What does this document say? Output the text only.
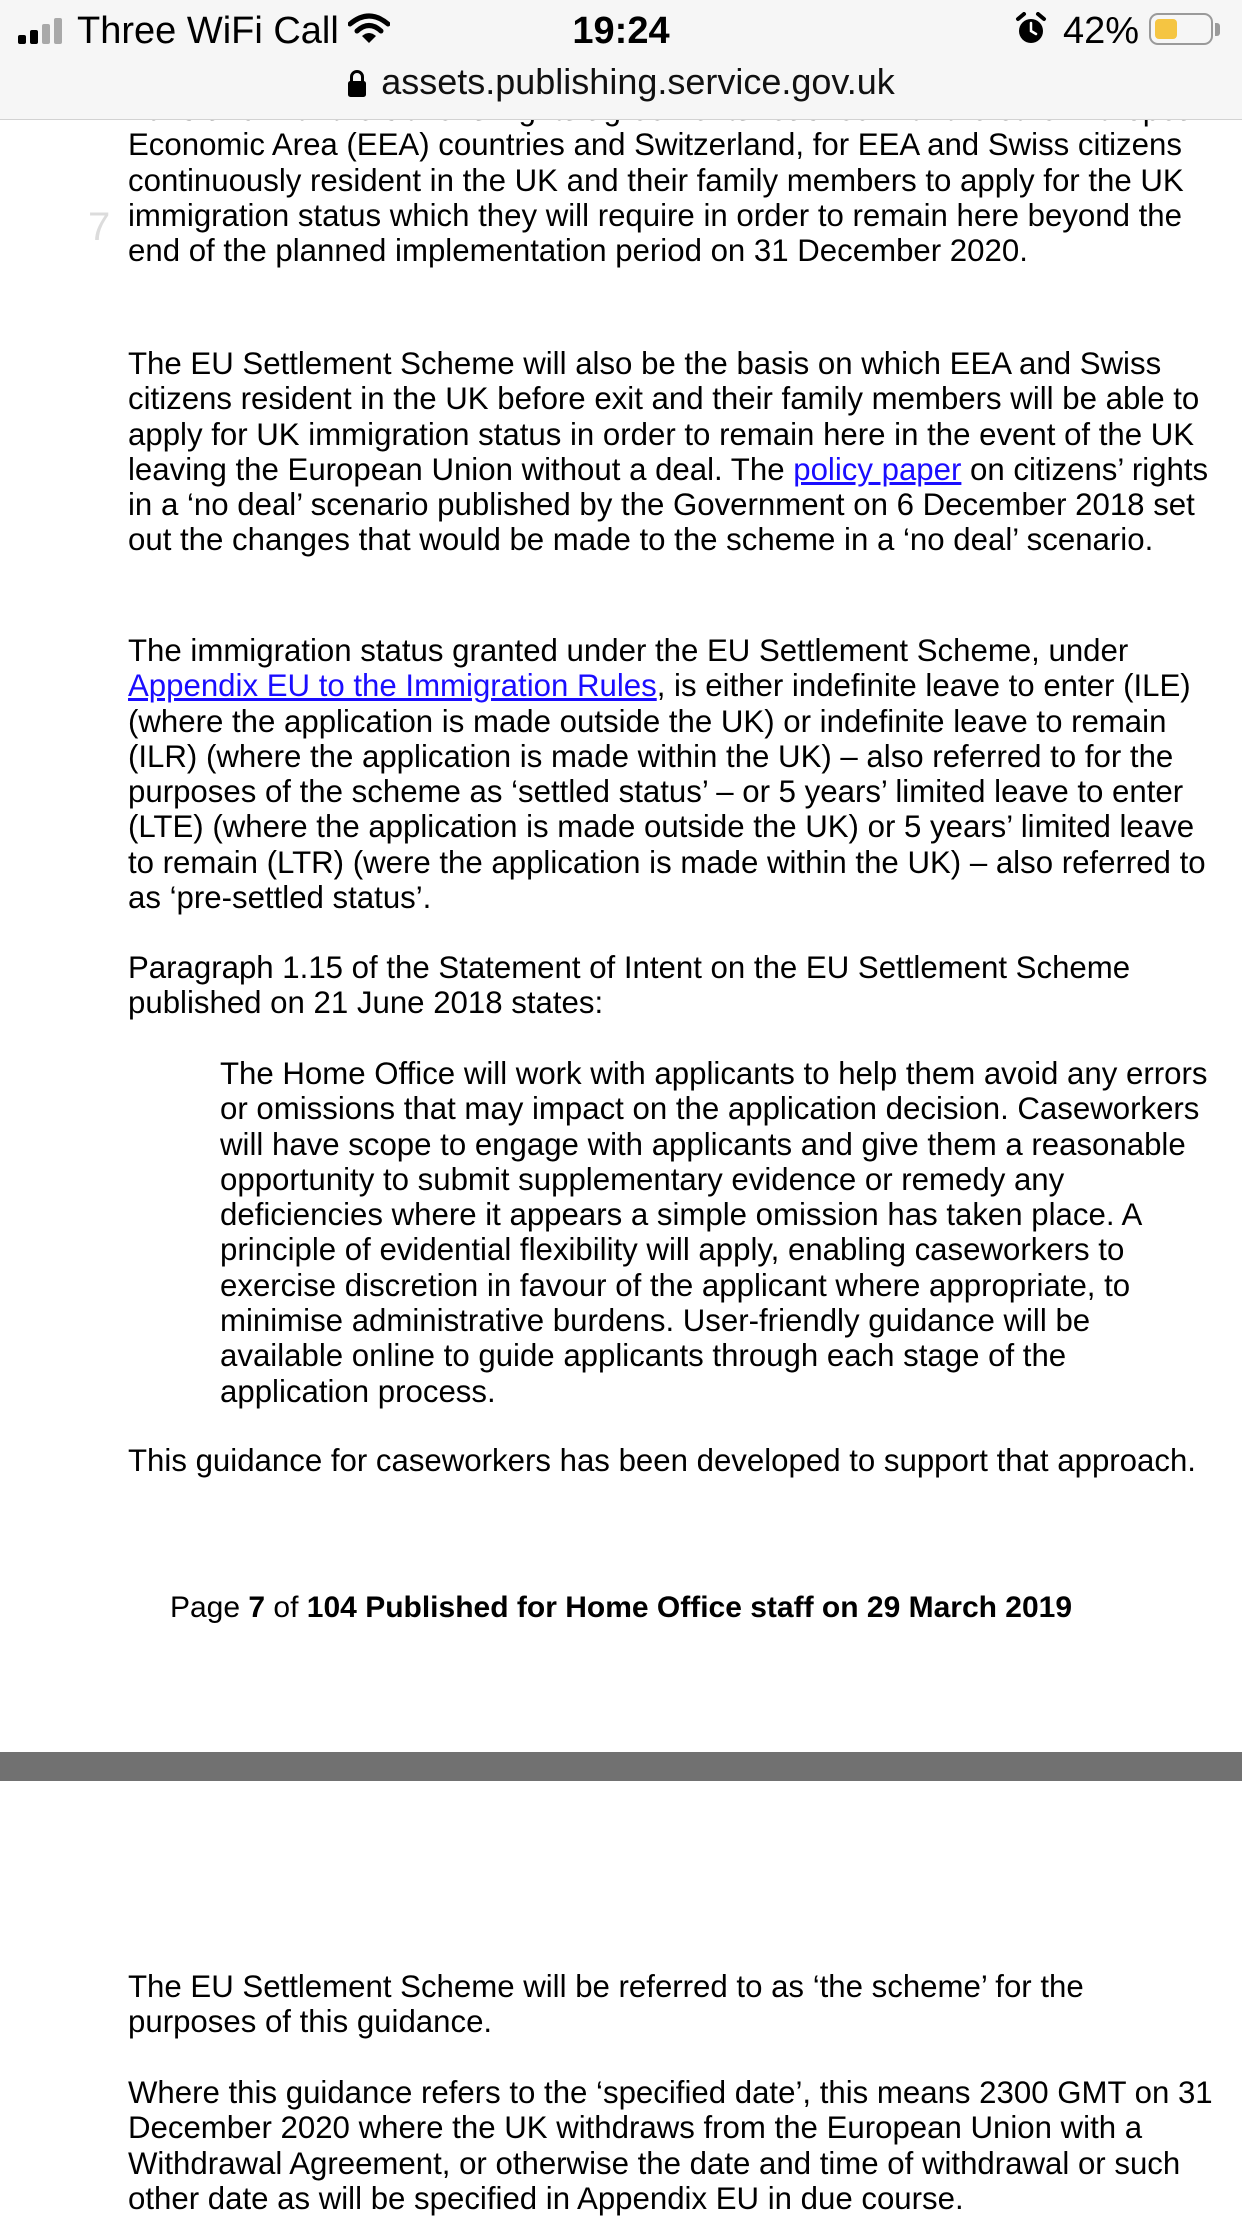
7

Economic Area (EEA) countries and Switzerland, for EEA and Swiss citizens continuously resident in the UK and their family members to apply for the UK immigration status which they will require in order to remain here beyond the end of the planned implementation period on 31 December 2020.

The EU Settlement Scheme will also be the basis on which EEA and Swiss citizens resident in the UK before exit and their family members will be able to apply for UK immigration status in order to remain here in the event of the UK leaving the European Union without a deal. The policy paper on citizens’ rights in a ‘no deal’ scenario published by the Government on 6 December 2018 set out the changes that would be made to the scheme in a ‘no deal’ scenario.

The immigration status granted under the EU Settlement Scheme, under Appendix EU to the Immigration Rules, is either indefinite leave to enter (ILE) (where the application is made outside the UK) or indefinite leave to remain (ILR) (where the application is made within the UK) – also referred to for the purposes of the scheme as ‘settled status’ – or 5 years’ limited leave to enter (LTE) (where the application is made outside the UK) or 5 years’ limited leave to remain (LTR) (were the application is made within the UK) – also referred to as ‘pre-settled status’.

Paragraph 1.15 of the Statement of Intent on the EU Settlement Scheme published on 21 June 2018 states:

The Home Office will work with applicants to help them avoid any errors or omissions that may impact on the application decision. Caseworkers will have scope to engage with applicants and give them a reasonable opportunity to submit supplementary evidence or remedy any deficiencies where it appears a simple omission has taken place. A principle of evidential flexibility will apply, enabling caseworkers to exercise discretion in favour of the applicant where appropriate, to minimise administrative burdens. User-friendly guidance will be available online to guide applicants through each stage of the application process.

This guidance for caseworkers has been developed to support that approach.

Page 7 of 104 Published for Home Office staff on 29 March 2019

The EU Settlement Scheme will be referred to as ‘the scheme’ for the purposes of this guidance.

Where this guidance refers to the ‘specified date’, this means 2300 GMT on 31 December 2020 where the UK withdraws from the European Union with a Withdrawal Agreement, or otherwise the date and time of withdrawal or such other date as will be specified in Appendix EU in due course.

Three WiFi Call	19:24	42%
assets.publishing.service.gov.uk
